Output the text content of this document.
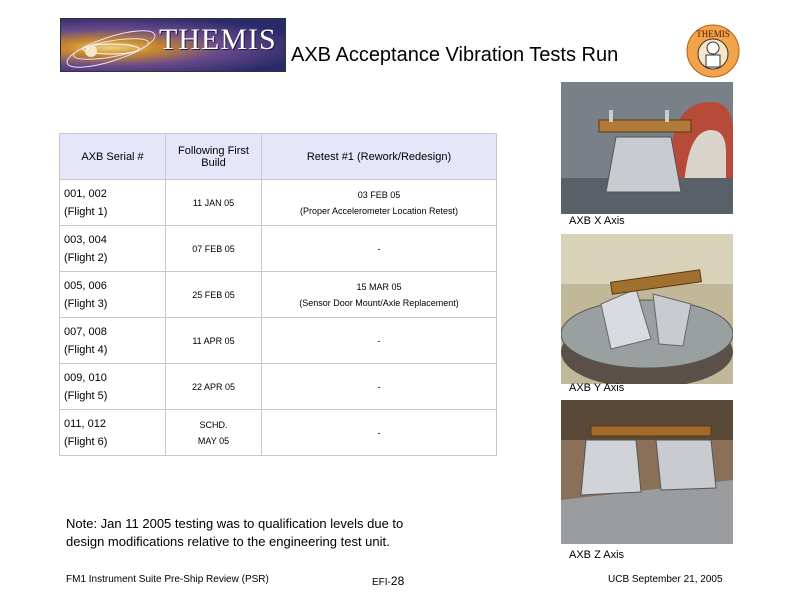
THEMIS AXB Acceptance Vibration Tests Run
THEMIS
AXB Serial #	Following First Build	Retest #1 (Rework/Redesign)
001, 002
(Flight 1)	11 JAN 05	03 FEB 05
(Proper Accelerometer Location Retest)
003, 004
(Flight 2)	07 FEB 05	-
005, 006
(Flight 3)	25 FEB 05	15 MAR 05
(Sensor Door Mount/Axle Replacement)
007, 008
(Flight 4)	11 APR 05	-
009, 010
(Flight 5)	22 APR 05	-
011, 012
(Flight 6)	SCHD.
MAY 05	-
AXB X Axis
AXB Y Axis
AXB Z Axis
Note: Jan 11 2005 testing was to qualification levels due to
design modifications relative to the engineering test unit.
FM1 Instrument Suite Pre-Ship Review (PSR)	EFI-28	UCB September 21, 2005
